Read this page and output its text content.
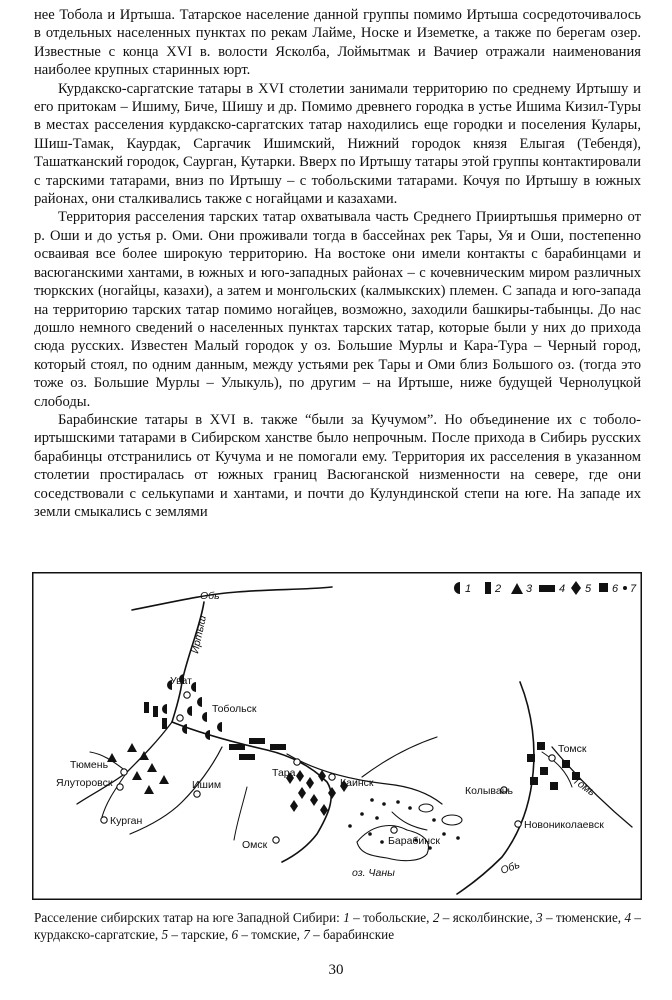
нее Тобола и Иртыша. Татарское население данной группы помимо Иртыша сосредоточивалось в отдельных населенных пунктах по рекам Лайме, Носке и Иземетке, а также по берегам озер. Известные с конца XVI в. волости Ясколба, Лоймытмак и Вачиер отражали наименования наиболее крупных старинных юрт.

Курдакско-саргатские татары в XVI столетии занимали территорию по среднему Иртышу и его притокам – Ишиму, Биче, Шишу и др. Помимо древнего городка в устье Ишима Кизил-Туры в местах расселения курдакско-саргатских татар находились еще городки и поселения Кулары, Шиш-Тамак, Каурдак, Саргачик Ишимский, Нижний городок князя Елыгая (Тебендя), Ташатканский городок, Саурган, Кутарки. Вверх по Иртышу татары этой группы контактировали с тарскими татарами, вниз по Иртышу – с тобольскими татарами. Кочуя по Иртышу в южных районах, они сталкивались также с ногайцами и казахами.

Территория расселения тарских татар охватывала часть Среднего Прииртышья примерно от р. Оши и до устья р. Оми. Они проживали тогда в бассейнах рек Тары, Уя и Оши, постепенно осваивая все более широкую территорию. На востоке они имели контакты с барабинцами и васюганскими хантами, в южных и юго-западных районах – с кочевническим миром различных тюркских (ногайцы, казахи), а затем и монгольских (калмыкских) племен. С запада и юго-запада на территорию тарских татар помимо ногайцев, возможно, заходили башкиры-табынцы. До нас дошло немного сведений о населенных пунктах тарских татар, которые были у них до прихода сюда русских. Известен Малый городок у оз. Большие Мурлы и Кара-Тура – Черный город, который стоял, по одним данным, между устьями рек Тары и Оми близ Большого оз. (тогда это тоже оз. Большие Мурлы – Улыкуль), по другим – на Иртыше, ниже будущей Чернолуцкой слободы.

Барабинские татары в XVI в. также “были за Кучумом”. Но объединение их с тоболо-иртышскими татарами в Сибирском ханстве было непрочным. После прихода в Сибирь русских барабинцы отстранились от Кучума и не помогали ему. Территория их расселения в указанном столетии простиралась от южных границ Васюганской низменности на севере, где они соседствовали с селькупами и хантами, и почти до Кулундинской степи на юге. На западе их земли смыкались с землями

1 2 3 4 5 6 7
Обь
Иртыш
Томь
Обь
Уват
Тобольск
Тюмень
Ялуторовск	Ишим
Курган
Тара
Каинск
Омск	Барабинск
Колывань
Томск
Новониколаевск
оз. Чаны
Расселение сибирских татар на юге Западной Сибири: 1 – тобольские, 2 – ясколбинские, 3 – тюменские, 4 – курдакско-саргатские, 5 – тарские, 6 – томские, 7 – барабинские
30
